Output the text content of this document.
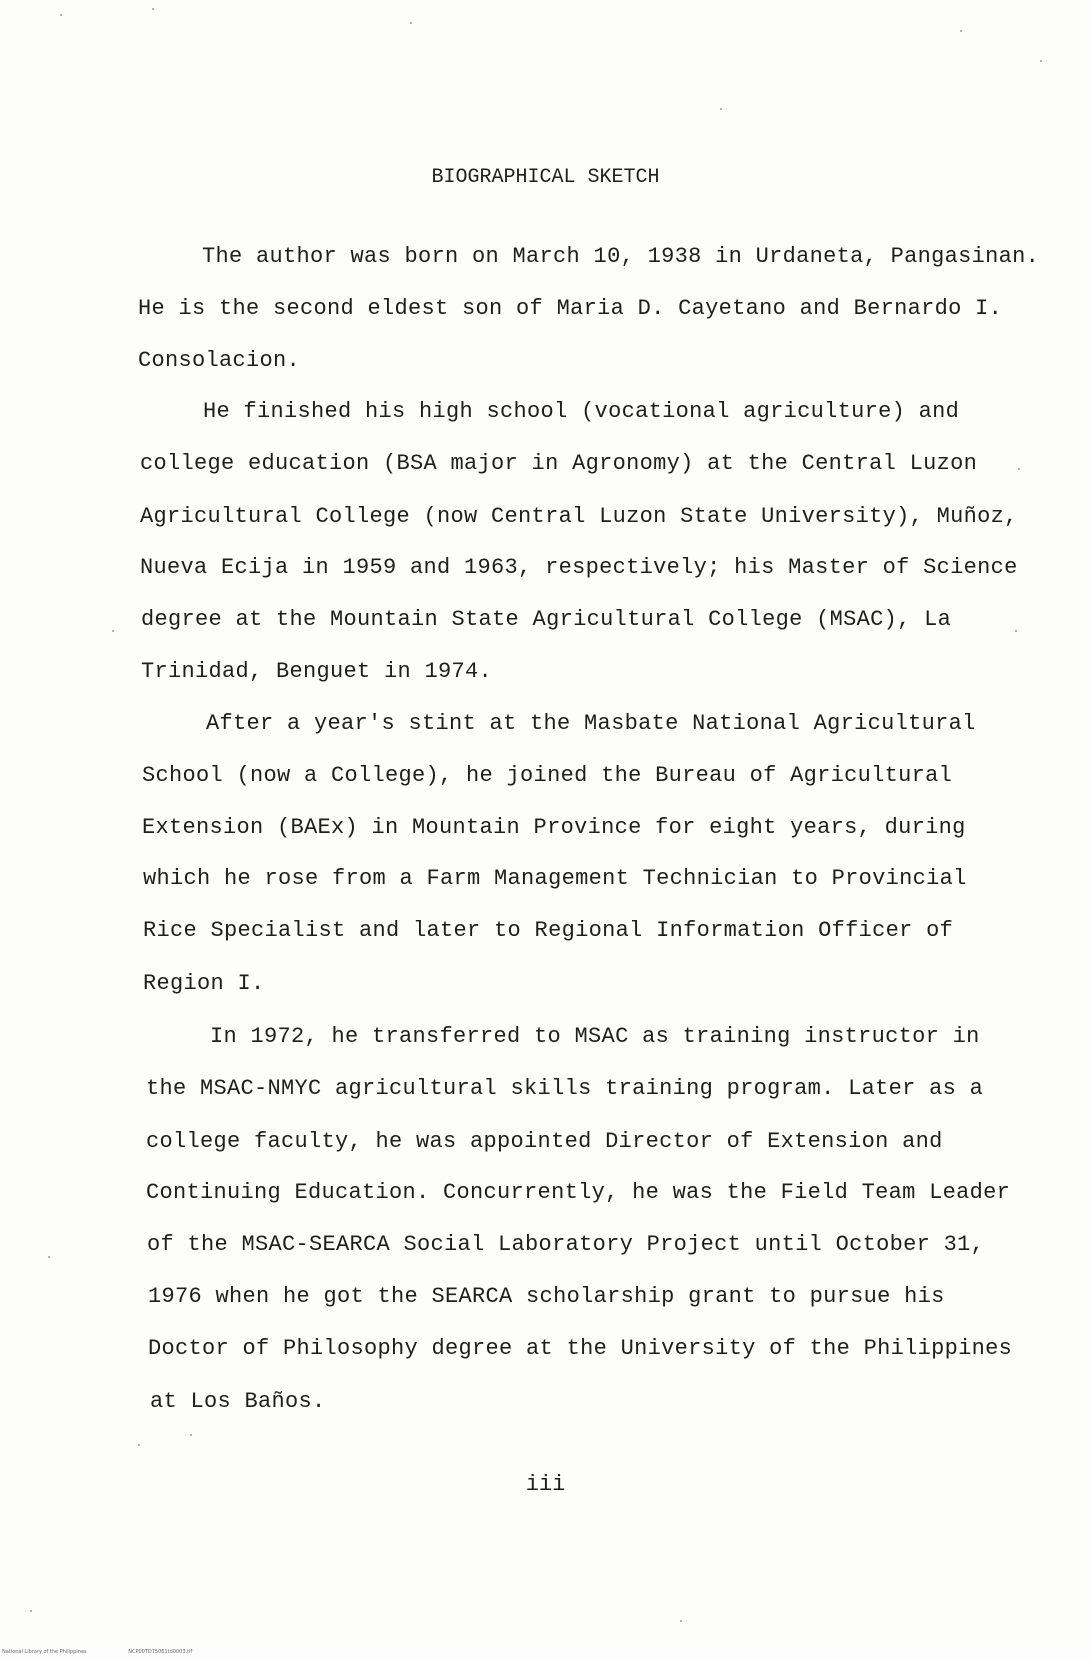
BIOGRAPHICAL SKETCH
The author was born on March 10, 1938 in Urdaneta, Pangasinan.
He is the second eldest son of Maria D. Cayetano and Bernardo I.
Consolacion.
He finished his high school (vocational agriculture) and
college education (BSA major in Agronomy) at the Central Luzon
Agricultural College (now Central Luzon State University), Muñoz,
Nueva Ecija in 1959 and 1963, respectively; his Master of Science
degree at the Mountain State Agricultural College (MSAC), La
Trinidad, Benguet in 1974.
After a year's stint at the Masbate National Agricultural
School (now a College), he joined the Bureau of Agricultural
Extension (BAEx) in Mountain Province for eight years, during
which he rose from a Farm Management Technician to Provincial
Rice Specialist and later to Regional Information Officer of
Region I.
In 1972, he transferred to MSAC as training instructor in
the MSAC-NMYC agricultural skills training program. Later as a
college faculty, he was appointed Director of Extension and
Continuing Education. Concurrently, he was the Field Team Leader
of the MSAC-SEARCA Social Laboratory Project until October 31,
1976 when he got the SEARCA scholarship grant to pursue his
Doctor of Philosophy degree at the University of the Philippines
at Los Baños.
iii
National Library of the Philippines	NCP00TD75061td0003.tif
